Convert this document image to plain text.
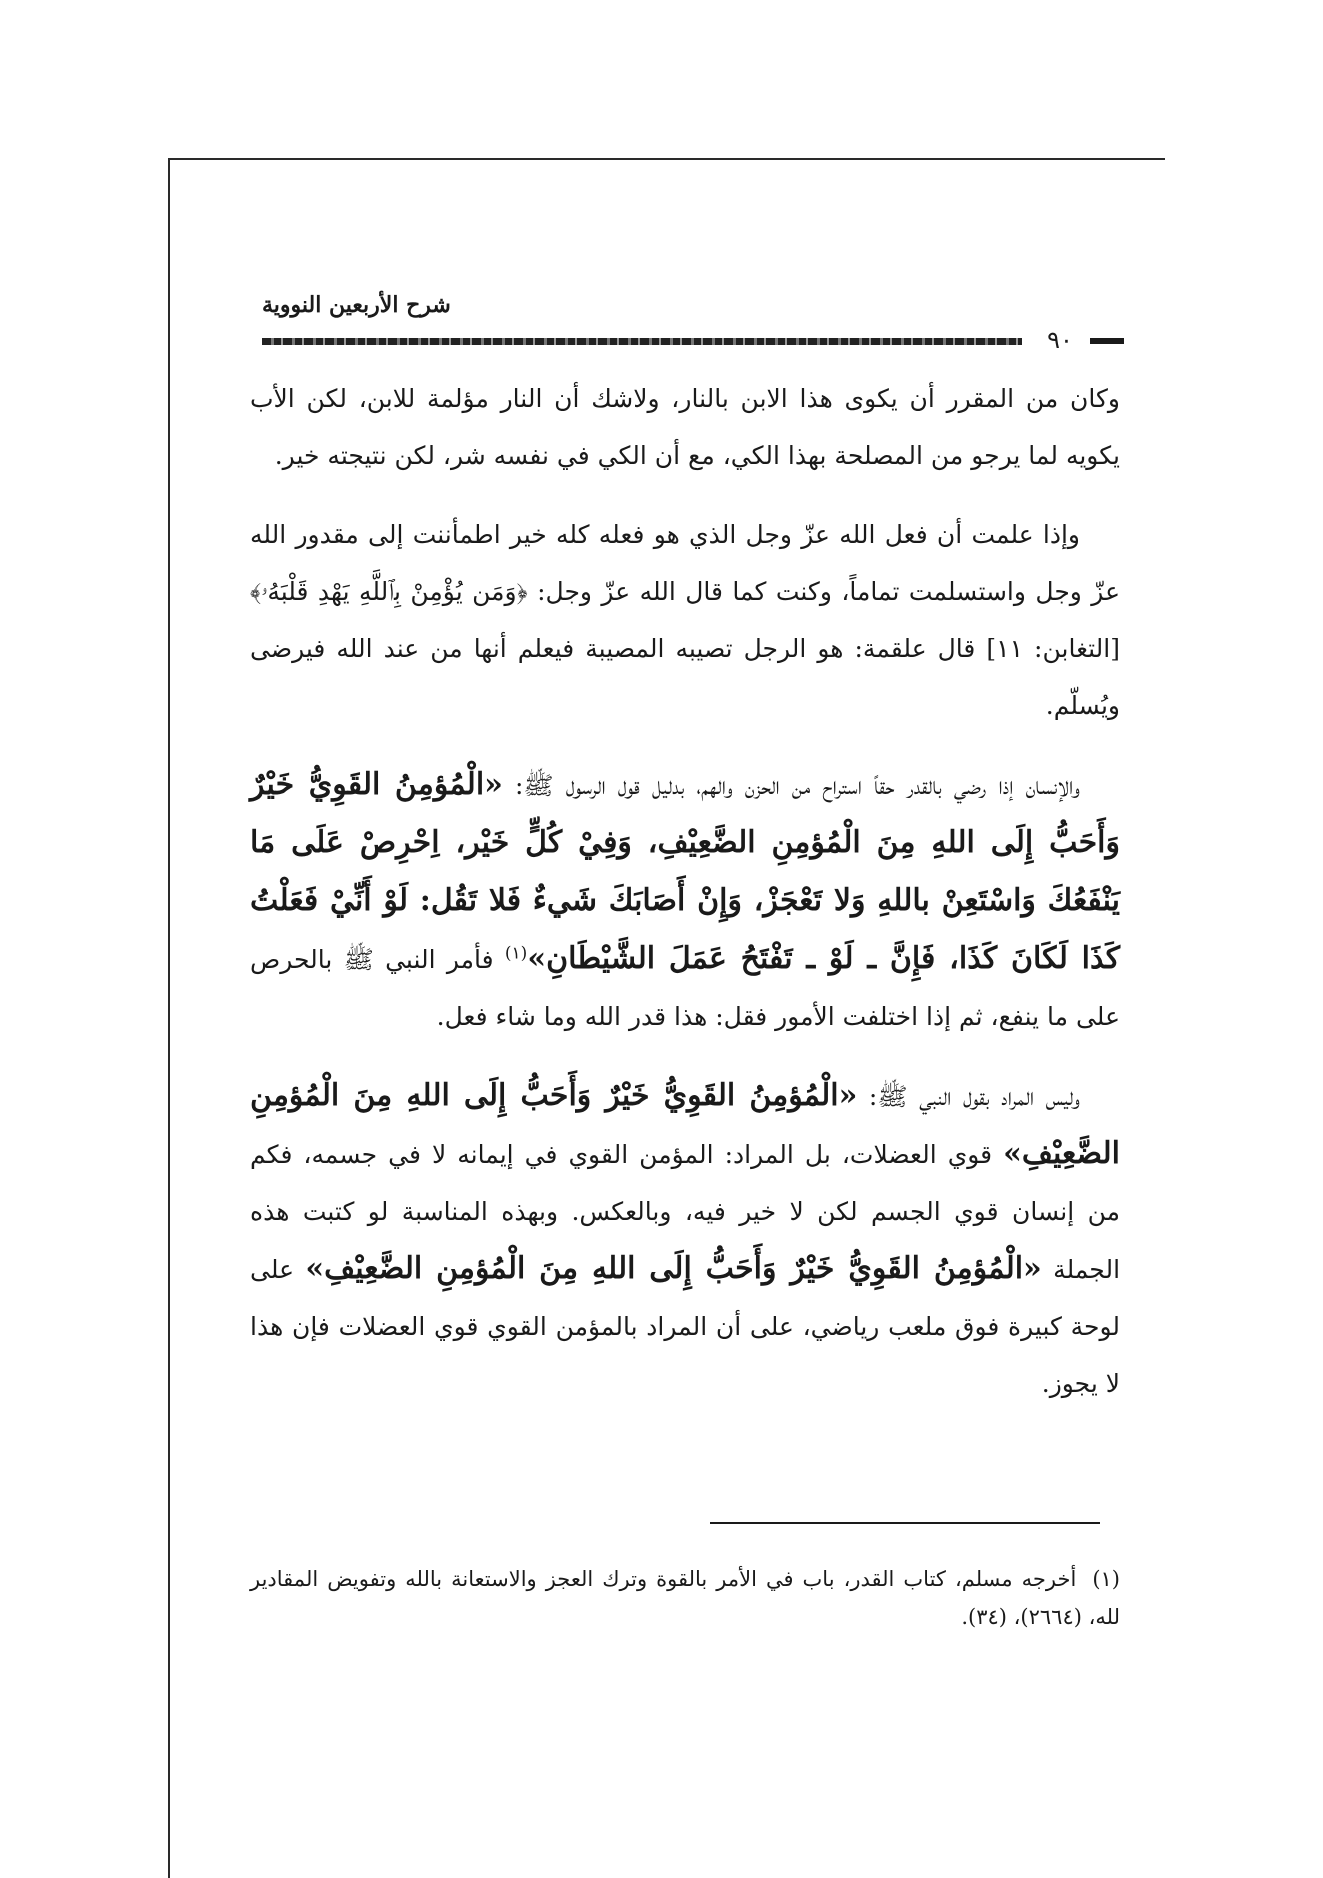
شرح الأربعين النووية
٩٠

وكان من المقرر أن يكوى هذا الابن بالنار، ولاشك أن النار مؤلمة للابن، لكن الأب يكويه لما يرجو من المصلحة بهذا الكي، مع أن الكي في نفسه شر، لكن نتيجته خير.

وإذا علمت أن فعل الله عزّ وجل الذي هو فعله كله خير اطمأننت إلى مقدور الله عزّ وجل واستسلمت تماماً، وكنت كما قال الله عزّ وجل: ﴿وَمَن يُؤْمِنْ بِٱللَّهِ يَهْدِ قَلْبَهُۥ﴾ [التغابن: ١١] قال علقمة: هو الرجل تصيبه المصيبة فيعلم أنها من عند الله فيرضى ويُسلّم.

والإنسان إذا رضي بالقدر حقاً استراح من الحزن والهم، بدليل قول الرسول ﷺ: «الْمُؤمِنُ القَوِيُّ خَيْرٌ وَأَحَبُّ إِلَى اللهِ مِنَ الْمُؤمِنِ الضَّعِيْفِ، وَفِيْ كُلٍّ خَيْر، اِحْرِصْ عَلَى مَا يَنْفَعُكَ وَاسْتَعِنْ باللهِ وَلا تَعْجَزْ، وَإِنْ أَصَابَكَ شَيءٌ فَلا تَقُل: لَوْ أَنِّيْ فَعَلْتُ كَذَا لَكَانَ كَذَا، فَإِنَّ ـ لَوْ ـ تَفْتَحُ عَمَلَ الشَّيْطَانِ»$^{(١)}$ فأمر النبي ﷺ بالحرص على ما ينفع، ثم إذا اختلفت الأمور فقل: هذا قدر الله وما شاء فعل.

وليس المراد بقول النبي ﷺ: «الْمُؤمِنُ القَوِيُّ خَيْرٌ وَأَحَبُّ إِلَى اللهِ مِنَ الْمُؤمِنِ الضَّعِيْفِ» قوي العضلات، بل المراد: المؤمن القوي في إيمانه لا في جسمه، فكم من إنسان قوي الجسم لكن لا خير فيه، وبالعكس. وبهذه المناسبة لو كتبت هذه الجملة «الْمُؤمِنُ القَوِيُّ خَيْرٌ وَأَحَبُّ إِلَى اللهِ مِنَ الْمُؤمِنِ الضَّعِيْفِ» على لوحة كبيرة فوق ملعب رياضي، على أن المراد بالمؤمن القوي قوي العضلات فإن هذا لا يجوز.

(١)أخرجه مسلم، كتاب القدر، باب في الأمر بالقوة وترك العجز والاستعانة بالله وتفويض المقادير لله، (٢٦٦٤)، (٣٤).
